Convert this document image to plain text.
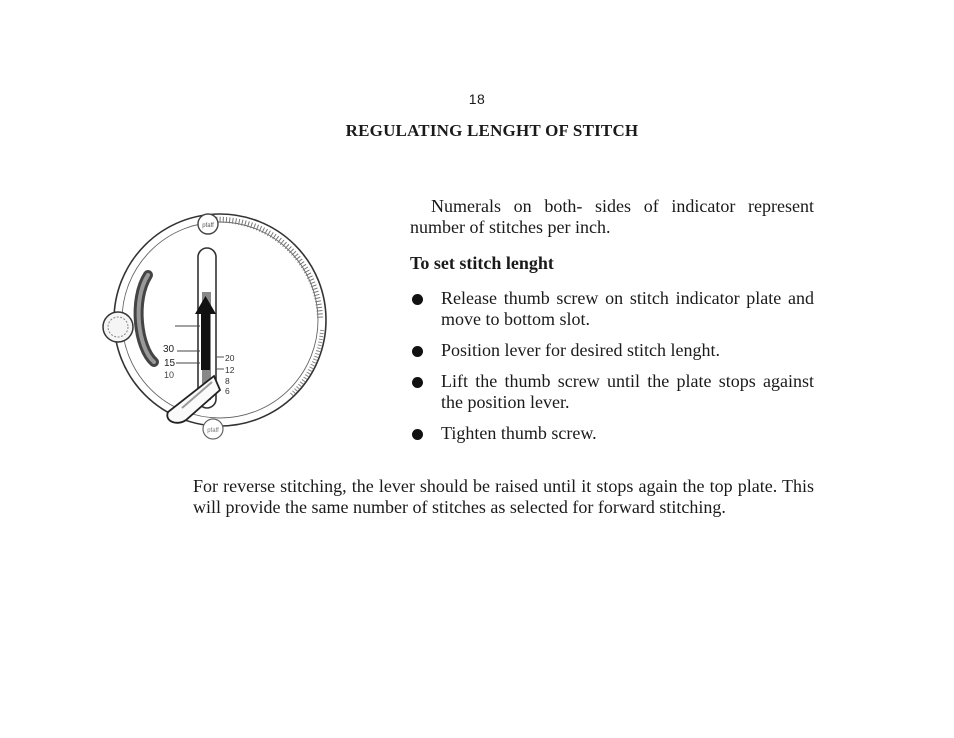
18
REGULATING LENGHT OF STITCH
pfaff
pfaff
30
15
10
20
12
8
6

Numerals on both- sides of indicator represent number of stitches per inch.

To set stitch lenght
Release thumb screw on stitch indicator plate and move to bottom slot.
Position lever for desired stitch lenght.
Lift the thumb screw until the plate stops against the position lever.
Tighten thumb screw.

For reverse stitching, the lever should be raised until it stops again the top plate. This will provide the same number of stitches as selected for forward stitching.
